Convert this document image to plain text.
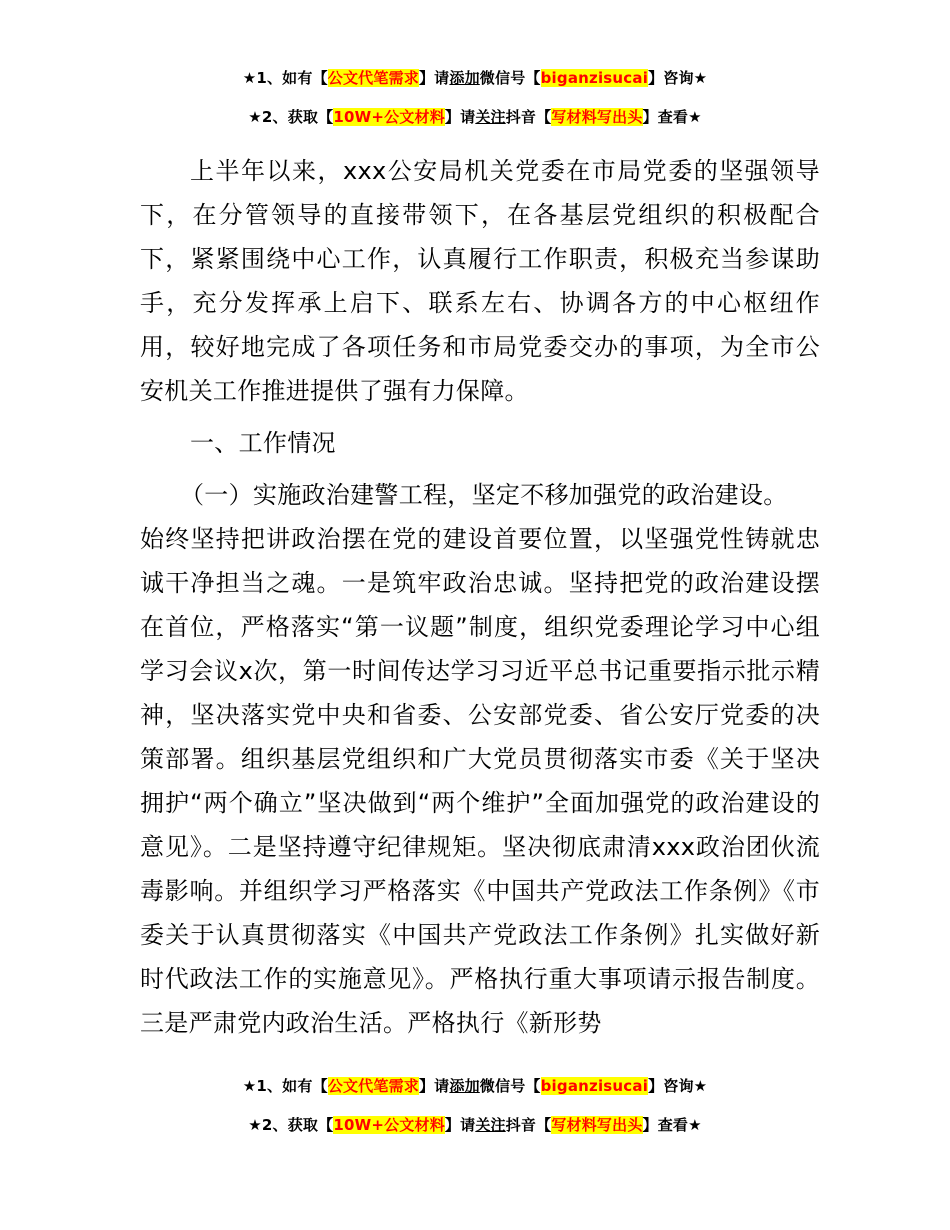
★1、如有【公文代笔需求】请添加微信号【biganzisucai】咨询★
★2、获取【10W+公文材料】请关注抖音【写材料写出头】查看★

上半年以来，xxx公安局机关党委在市局党委的坚强领导下，在分管领导的直接带领下，在各基层党组织的积极配合下，紧紧围绕中心工作，认真履行工作职责，积极充当参谋助手，充分发挥承上启下、联系左右、协调各方的中心枢纽作用，较好地完成了各项任务和市局党委交办的事项，为全市公安机关工作推进提供了强有力保障。

一、工作情况

（一）实施政治建警工程，坚定不移加强党的政治建设。

始终坚持把讲政治摆在党的建设首要位置，以坚强党性铸就忠诚干净担当之魂。一是筑牢政治忠诚。坚持把党的政治建设摆在首位，严格落实“第一议题”制度，组织党委理论学习中心组学习会议x次，第一时间传达学习习近平总书记重要指示批示精神，坚决落实党中央和省委、公安部党委、省公安厅党委的决策部署。组织基层党组织和广大党员贯彻落实市委《关于坚决拥护“两个确立”坚决做到“两个维护”全面加强党的政治建设的意见》。二是坚持遵守纪律规矩。坚决彻底肃清xxx政治团伙流毒影响。并组织学习严格落实《中国共产党政法工作条例》《市委关于认真贯彻落实《中国共产党政法工作条例》扎实做好新时代政法工作的实施意见》。严格执行重大事项请示报告制度。三是严肃党内政治生活。严格执行《新形势

★1、如有【公文代笔需求】请添加微信号【biganzisucai】咨询★
★2、获取【10W+公文材料】请关注抖音【写材料写出头】查看★
